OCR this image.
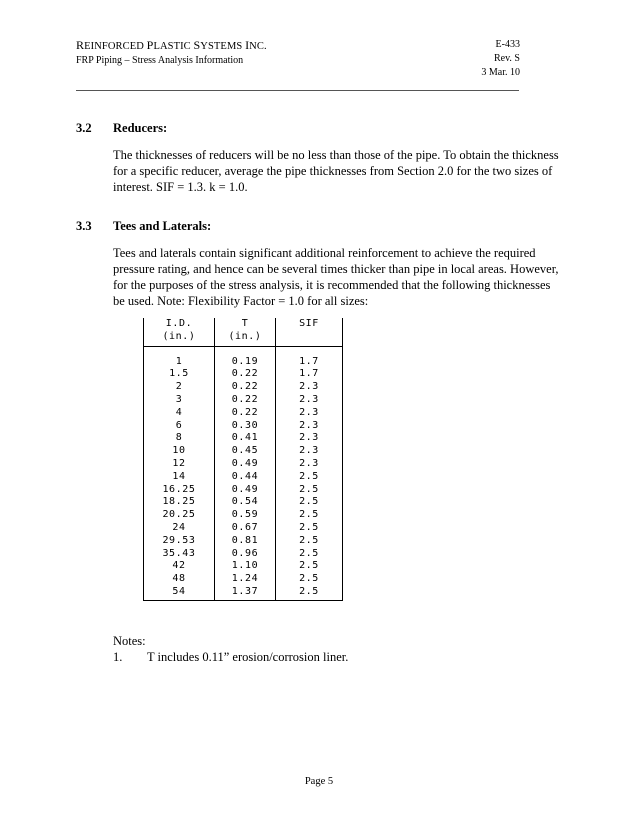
REINFORCED PLASTIC SYSTEMS INC.
FRP Piping – Stress Analysis Information
E-433
Rev. S
3 Mar. 10
3.2 Reducers:
The thicknesses of reducers will be no less than those of the pipe. To obtain the thickness
for a specific reducer, average the pipe thicknesses from Section 2.0 for the two sizes of
interest. SIF = 1.3. k = 1.0.
3.3 Tees and Laterals:
Tees and laterals contain significant additional reinforcement to achieve the required
pressure rating, and hence can be several times thicker than pipe in local areas. However,
for the purposes of the stress analysis, it is recommended that the following thicknesses
be used. Note: Flexibility Factor = 1.0 for all sizes:
I.D.	T	SIF
(in.)	(in.)	

1	0.19	1.7
1.5	0.22	1.7
2	0.22	2.3
3	0.22	2.3
4	0.22	2.3
6	0.30	2.3
8	0.41	2.3
10	0.45	2.3
12	0.49	2.3
14	0.44	2.5
16.25	0.49	2.5
18.25	0.54	2.5
20.25	0.59	2.5
24	0.67	2.5
29.53	0.81	2.5
35.43	0.96	2.5
42	1.10	2.5
48	1.24	2.5
54	1.37	2.5
Notes:
1. T includes 0.11” erosion/corrosion liner.
Page 5
